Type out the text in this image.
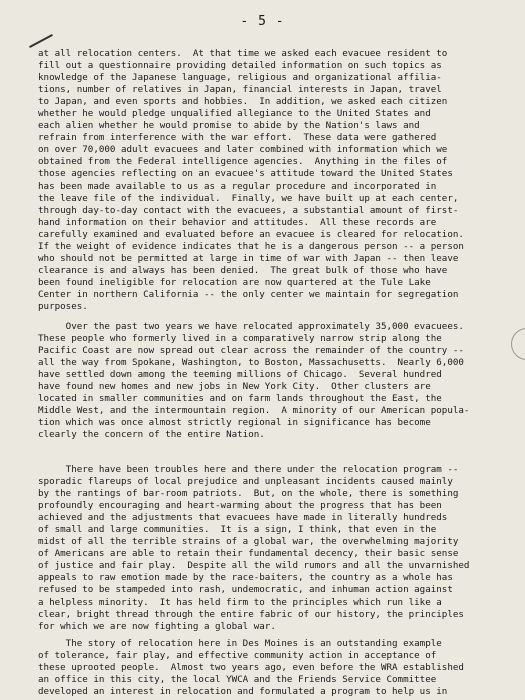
- 5 -

at all relocation centers.  At that time we asked each evacuee resident to
fill out a questionnaire providing detailed information on such topics as
knowledge of the Japanese language, religious and organizational affilia-
tions, number of relatives in Japan, financial interests in Japan, travel
to Japan, and even sports and hobbies.  In addition, we asked each citizen
whether he would pledge unqualified allegiance to the United States and
each alien whether he would promise to abide by the Nation's laws and
refrain from interference with the war effort.  These data were gathered
on over 70,000 adult evacuees and later combined with information which we
obtained from the Federal intelligence agencies.  Anything in the files of
those agencies reflecting on an evacuee's attitude toward the United States
has been made available to us as a regular procedure and incorporated in
the leave file of the individual.  Finally, we have built up at each center,
through day-to-day contact with the evacuees, a substantial amount of first-
hand information on their behavior and attitudes.  All these records are
carefully examined and evaluated before an evacuee is cleared for relocation.
If the weight of evidence indicates that he is a dangerous person -- a person
who should not be permitted at large in time of war with Japan -- then leave
clearance is and always has been denied.  The great bulk of those who have
been found ineligible for relocation are now quartered at the Tule Lake
Center in northern California -- the only center we maintain for segregation
purposes.

Over the past two years we have relocated approximately 35,000 evacuees.
These people who formerly lived in a comparatively narrow strip along the
Pacific Coast are now spread out clear across the remainder of the country --
all the way from Spokane, Washington, to Boston, Massachusetts.  Nearly 6,000
have settled down among the teeming millions of Chicago.  Several hundred
have found new homes and new jobs in New York City.  Other clusters are
located in smaller communities and on farm lands throughout the East, the
Middle West, and the intermountain region.  A minority of our American popula-
tion which was once almost strictly regional in significance has become
clearly the concern of the entire Nation.

There have been troubles here and there under the relocation program --
sporadic flareups of local prejudice and unpleasant incidents caused mainly
by the rantings of bar-room patriots.  But, on the whole, there is something
profoundly encouraging and heart-warming about the progress that has been
achieved and the adjustments that evacuees have made in literally hundreds
of small and large communities.  It is a sign, I think, that even in the
midst of all the terrible strains of a global war, the overwhelming majority
of Americans are able to retain their fundamental decency, their basic sense
of justice and fair play.  Despite all the wild rumors and all the unvarnished
appeals to raw emotion made by the race-baiters, the country as a whole has
refused to be stampeded into rash, undemocratic, and inhuman action against
a helpless minority.  It has held firm to the principles which run like a
clear, bright thread through the entire fabric of our history, the principles
for which we are now fighting a global war.

The story of relocation here in Des Moines is an outstanding example
of tolerance, fair play, and effective community action in acceptance of
these uprooted people.  Almost two years ago, even before the WRA established
an office in this city, the local YWCA and the Friends Service Committee
developed an interest in relocation and formulated a program to help us in
